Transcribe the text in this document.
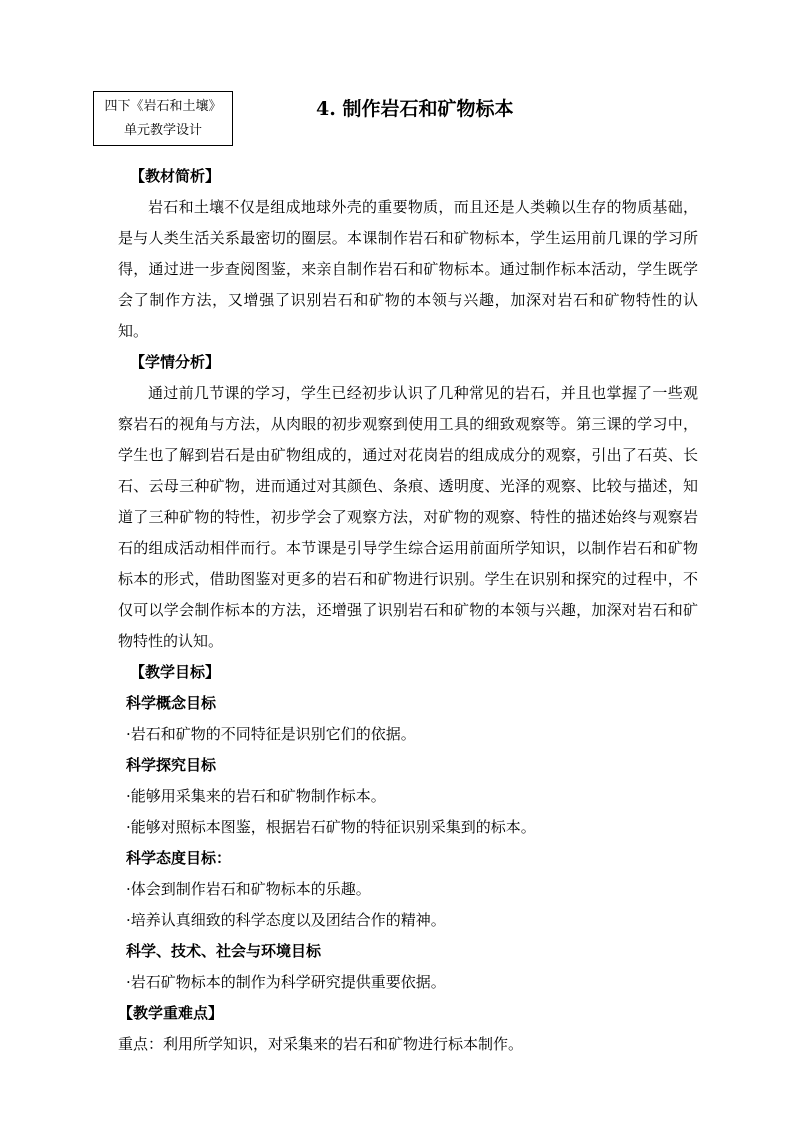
四下《岩石和土壤》
单元教学设计
4. 制作岩石和矿物标本

【教材简析】

岩石和土壤不仅是组成地球外壳的重要物质，而且还是人类赖以生存的物质基础，是与人类生活关系最密切的圈层。本课制作岩石和矿物标本，学生运用前几课的学习所得，通过进一步查阅图鉴，来亲自制作岩石和矿物标本。通过制作标本活动，学生既学会了制作方法，又增强了识别岩石和矿物的本领与兴趣，加深对岩石和矿物特性的认知。

【学情分析】

通过前几节课的学习，学生已经初步认识了几种常见的岩石，并且也掌握了一些观察岩石的视角与方法，从肉眼的初步观察到使用工具的细致观察等。第三课的学习中，学生也了解到岩石是由矿物组成的，通过对花岗岩的组成成分的观察，引出了石英、长石、云母三种矿物，进而通过对其颜色、条痕、透明度、光泽的观察、比较与描述，知道了三种矿物的特性，初步学会了观察方法，对矿物的观察、特性的描述始终与观察岩石的组成活动相伴而行。本节课是引导学生综合运用前面所学知识，以制作岩石和矿物标本的形式，借助图鉴对更多的岩石和矿物进行识别。学生在识别和探究的过程中，不仅可以学会制作标本的方法，还增强了识别岩石和矿物的本领与兴趣，加深对岩石和矿物特性的认知。

【教学目标】

科学概念目标

·岩石和矿物的不同特征是识别它们的依据。

科学探究目标

·能够用采集来的岩石和矿物制作标本。

·能够对照标本图鉴，根据岩石矿物的特征识别采集到的标本。

科学态度目标：

·体会到制作岩石和矿物标本的乐趣。

·培养认真细致的科学态度以及团结合作的精神。

科学、技术、社会与环境目标

·岩石矿物标本的制作为科学研究提供重要依据。

【教学重难点】

重点：利用所学知识，对采集来的岩石和矿物进行标本制作。
